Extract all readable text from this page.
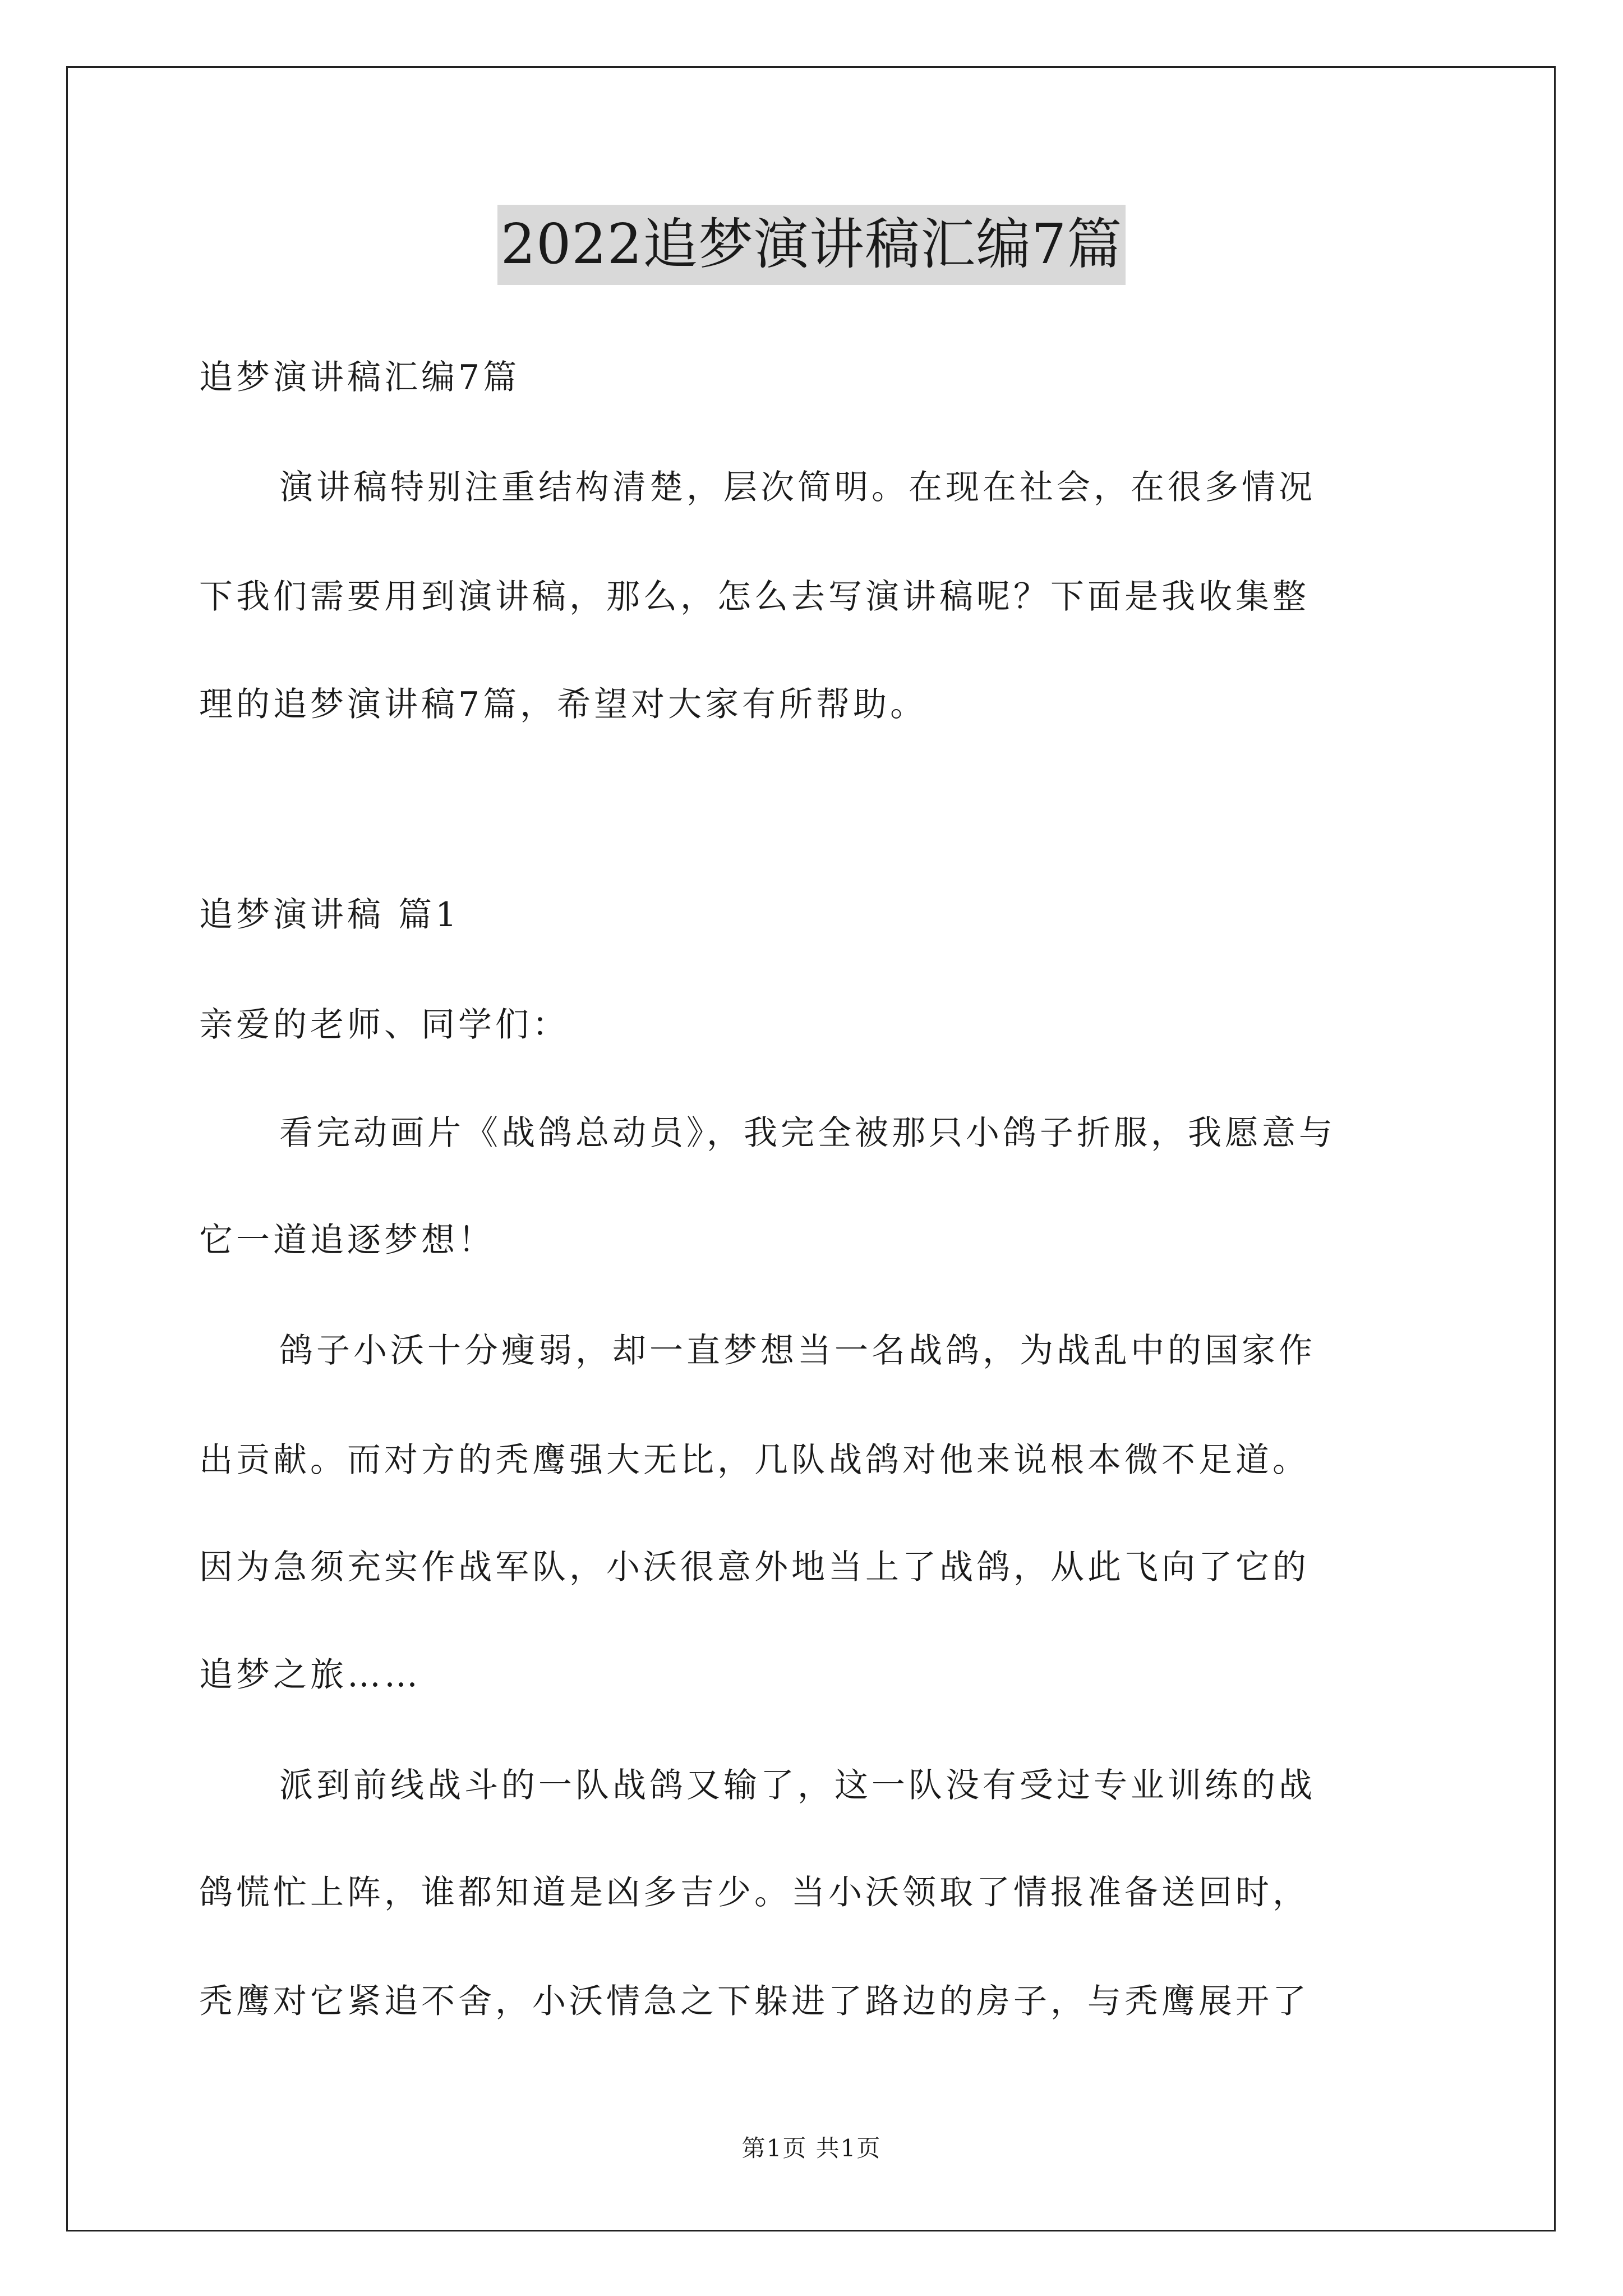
2022追梦演讲稿汇编7篇
追梦演讲稿汇编7篇
演讲稿特别注重结构清楚，层次简明。在现在社会，在很多情况
下我们需要用到演讲稿，那么，怎么去写演讲稿呢？下面是我收集整
理的追梦演讲稿7篇，希望对大家有所帮助。
追梦演讲稿 篇1
亲爱的老师、同学们：
看完动画片《战鸽总动员》，我完全被那只小鸽子折服，我愿意与
它一道追逐梦想！
鸽子小沃十分瘦弱，却一直梦想当一名战鸽，为战乱中的国家作
出贡献。而对方的秃鹰强大无比，几队战鸽对他来说根本微不足道。
因为急须充实作战军队，小沃很意外地当上了战鸽，从此飞向了它的
追梦之旅……
派到前线战斗的一队战鸽又输了，这一队没有受过专业训练的战
鸽慌忙上阵，谁都知道是凶多吉少。当小沃领取了情报准备送回时，
秃鹰对它紧追不舍，小沃情急之下躲进了路边的房子，与秃鹰展开了
第1页 共1页
